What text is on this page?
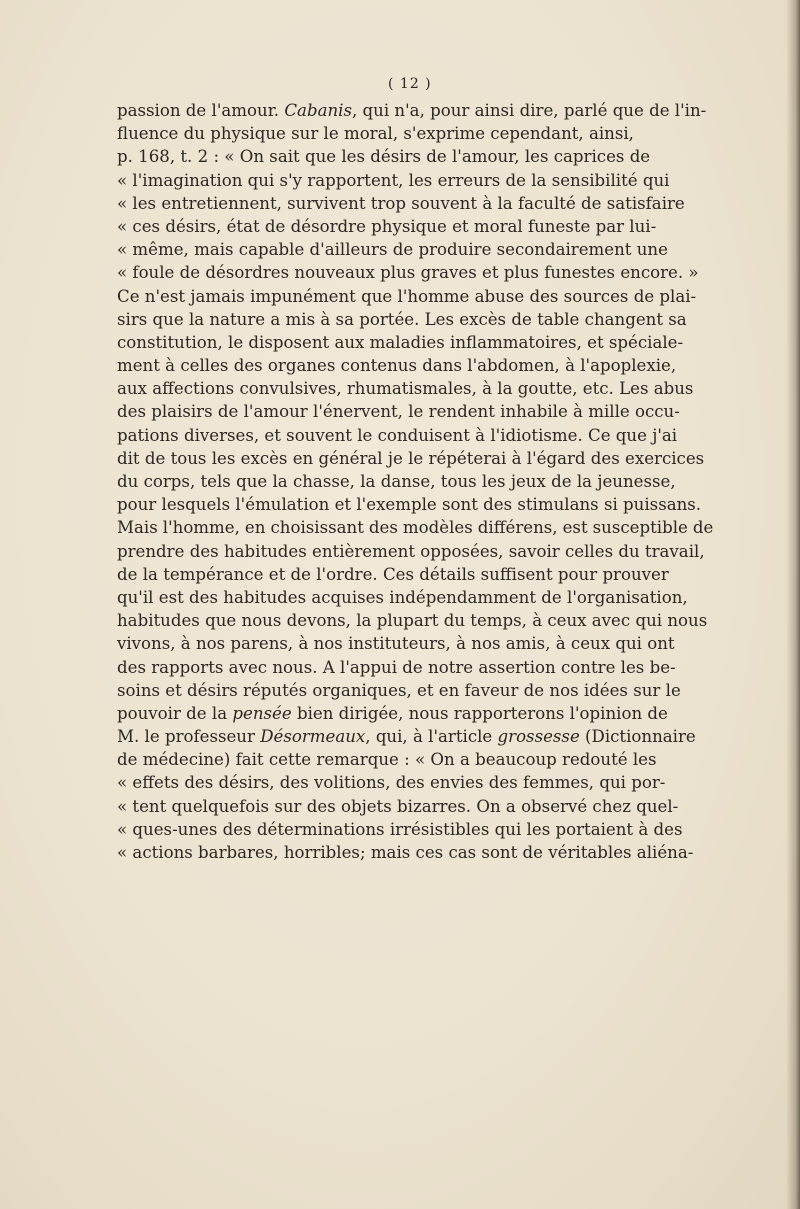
( 12 )
passion de l'amour. Cabanis, qui n'a, pour ainsi dire, parlé que de l'in-
fluence du physique sur le moral, s'exprime cependant, ainsi,
p. 168, t. 2 : « On sait que les désirs de l'amour, les caprices de
« l'imagination qui s'y rapportent, les erreurs de la sensibilité qui
« les entretiennent, survivent trop souvent à la faculté de satisfaire
« ces désirs, état de désordre physique et moral funeste par lui-
« même, mais capable d'ailleurs de produire secondairement une
« foule de désordres nouveaux plus graves et plus funestes encore. »
Ce n'est jamais impunément que l'homme abuse des sources de plai-
sirs que la nature a mis à sa portée. Les excès de table changent sa
constitution, le disposent aux maladies inflammatoires, et spéciale-
ment à celles des organes contenus dans l'abdomen, à l'apoplexie,
aux affections convulsives, rhumatismales, à la goutte, etc. Les abus
des plaisirs de l'amour l'énervent, le rendent inhabile à mille occu-
pations diverses, et souvent le conduisent à l'idiotisme. Ce que j'ai
dit de tous les excès en général je le répéterai à l'égard des exercices
du corps, tels que la chasse, la danse, tous les jeux de la jeunesse,
pour lesquels l'émulation et l'exemple sont des stimulans si puissans.
Mais l'homme, en choisissant des modèles différens, est susceptible de
prendre des habitudes entièrement opposées, savoir celles du travail,
de la tempérance et de l'ordre. Ces détails suffisent pour prouver
qu'il est des habitudes acquises indépendamment de l'organisation,
habitudes que nous devons, la plupart du temps, à ceux avec qui nous
vivons, à nos parens, à nos instituteurs, à nos amis, à ceux qui ont
des rapports avec nous. A l'appui de notre assertion contre les be-
soins et désirs réputés organiques, et en faveur de nos idées sur le
pouvoir de la pensée bien dirigée, nous rapporterons l'opinion de
M. le professeur Désormeaux, qui, à l'article grossesse (Dictionnaire
de médecine) fait cette remarque : « On a beaucoup redouté les
« effets des désirs, des volitions, des envies des femmes, qui por-
« tent quelquefois sur des objets bizarres. On a observé chez quel-
« ques-unes des déterminations irrésistibles qui les portaient à des
« actions barbares, horribles; mais ces cas sont de véritables aliéna-
